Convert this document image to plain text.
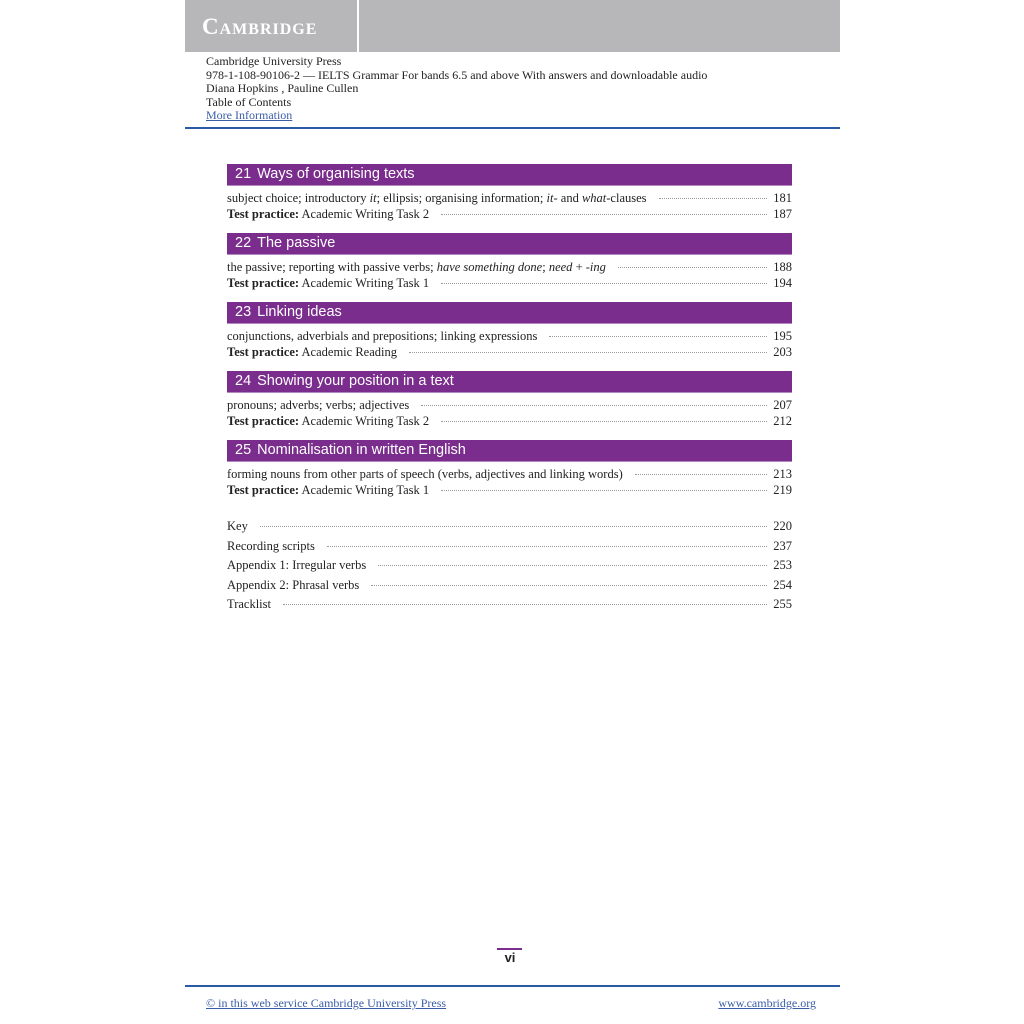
Cambridge
Cambridge University Press
978-1-108-90106-2 — IELTS Grammar For bands 6.5 and above With answers and downloadable audio
Diana Hopkins , Pauline Cullen
Table of Contents
More Information
21 Ways of organising texts
subject choice; introductory it; ellipsis; organising information; it- and what-clauses	181
Test practice: Academic Writing Task 2	187
22 The passive
the passive; reporting with passive verbs; have something done; need + -ing	188
Test practice: Academic Writing Task 1	194
23 Linking ideas
conjunctions, adverbials and prepositions; linking expressions	195
Test practice: Academic Reading	203
24 Showing your position in a text
pronouns; adverbs; verbs; adjectives	207
Test practice: Academic Writing Task 2	212
25 Nominalisation in written English
forming nouns from other parts of speech (verbs, adjectives and linking words)	213
Test practice: Academic Writing Task 1	219
Key	220
Recording scripts	237
Appendix 1: Irregular verbs	253
Appendix 2: Phrasal verbs	254
Tracklist	255
vi
© in this web service Cambridge University Press	www.cambridge.org
